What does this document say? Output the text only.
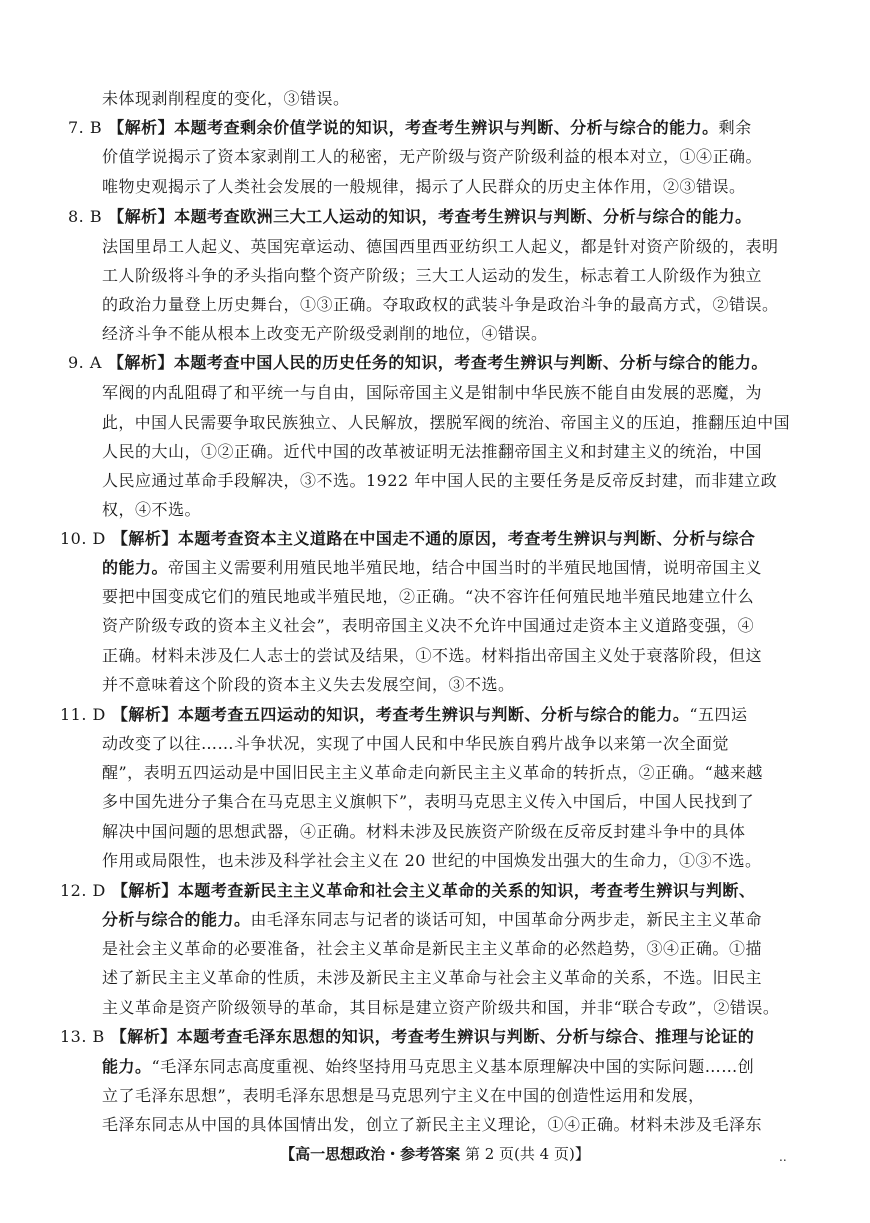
未体现剥削程度的变化，③错误。
7. B 【解析】本题考查剩余价值学说的知识，考查考生辨识与判断、分析与综合的能力。剩余
价值学说揭示了资本家剥削工人的秘密，无产阶级与资产阶级利益的根本对立，①④正确。
唯物史观揭示了人类社会发展的一般规律，揭示了人民群众的历史主体作用，②③错误。
8. B 【解析】本题考查欧洲三大工人运动的知识，考查考生辨识与判断、分析与综合的能力。
法国里昂工人起义、英国宪章运动、德国西里西亚纺织工人起义，都是针对资产阶级的，表明
工人阶级将斗争的矛头指向整个资产阶级；三大工人运动的发生，标志着工人阶级作为独立
的政治力量登上历史舞台，①③正确。夺取政权的武装斗争是政治斗争的最高方式，②错误。
经济斗争不能从根本上改变无产阶级受剥削的地位，④错误。
9. A 【解析】本题考查中国人民的历史任务的知识，考查考生辨识与判断、分析与综合的能力。
军阀的内乱阻碍了和平统一与自由，国际帝国主义是钳制中华民族不能自由发展的恶魔，为
此，中国人民需要争取民族独立、人民解放，摆脱军阀的统治、帝国主义的压迫，推翻压迫中国
人民的大山，①②正确。近代中国的改革被证明无法推翻帝国主义和封建主义的统治，中国
人民应通过革命手段解决，③不选。1922 年中国人民的主要任务是反帝反封建，而非建立政
权，④不选。
10. D 【解析】本题考查资本主义道路在中国走不通的原因，考查考生辨识与判断、分析与综合
的能力。帝国主义需要利用殖民地半殖民地，结合中国当时的半殖民地国情，说明帝国主义
要把中国变成它们的殖民地或半殖民地，②正确。“决不容许任何殖民地半殖民地建立什么
资产阶级专政的资本主义社会”，表明帝国主义决不允许中国通过走资本主义道路变强，④
正确。材料未涉及仁人志士的尝试及结果，①不选。材料指出帝国主义处于衰落阶段，但这
并不意味着这个阶段的资本主义失去发展空间，③不选。
11. D 【解析】本题考查五四运动的知识，考查考生辨识与判断、分析与综合的能力。“五四运
动改变了以往……斗争状况，实现了中国人民和中华民族自鸦片战争以来第一次全面觉
醒”，表明五四运动是中国旧民主主义革命走向新民主主义革命的转折点，②正确。“越来越
多中国先进分子集合在马克思主义旗帜下”，表明马克思主义传入中国后，中国人民找到了
解决中国问题的思想武器，④正确。材料未涉及民族资产阶级在反帝反封建斗争中的具体
作用或局限性，也未涉及科学社会主义在 20 世纪的中国焕发出强大的生命力，①③不选。
12. D 【解析】本题考查新民主主义革命和社会主义革命的关系的知识，考查考生辨识与判断、
分析与综合的能力。由毛泽东同志与记者的谈话可知，中国革命分两步走，新民主主义革命
是社会主义革命的必要准备，社会主义革命是新民主主义革命的必然趋势，③④正确。①描
述了新民主主义革命的性质，未涉及新民主主义革命与社会主义革命的关系，不选。旧民主
主义革命是资产阶级领导的革命，其目标是建立资产阶级共和国，并非“联合专政”，②错误。
13. B 【解析】本题考查毛泽东思想的知识，考查考生辨识与判断、分析与综合、推理与论证的
能力。“毛泽东同志高度重视、始终坚持用马克思主义基本原理解决中国的实际问题……创
立了毛泽东思想”，表明毛泽东思想是马克思列宁主义在中国的创造性运用和发展，
毛泽东同志从中国的具体国情出发，创立了新民主主义理论，①④正确。材料未涉及毛泽东
【高一思想政治・参考答案 第 2 页(共 4 页)】	..
